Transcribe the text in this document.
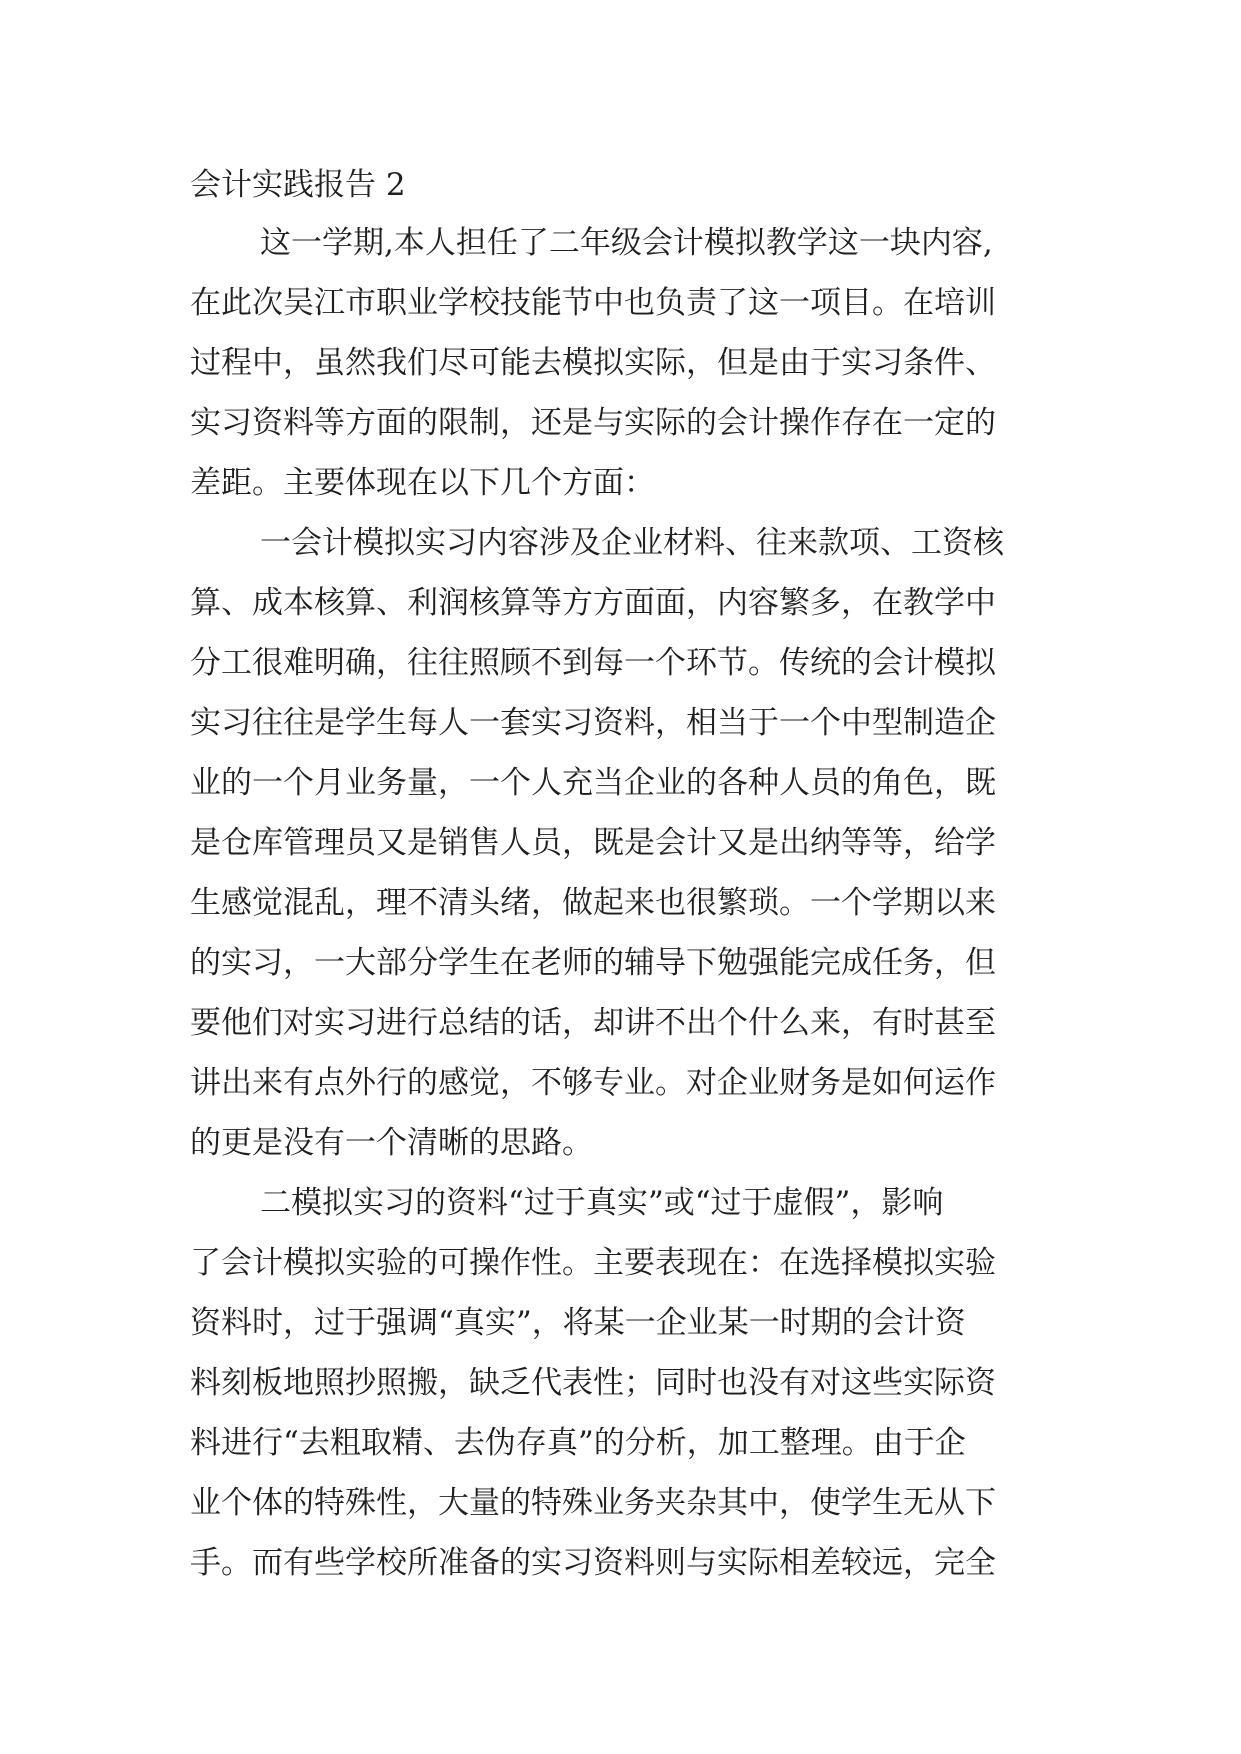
会计实践报告 2
这一学期,本人担任了二年级会计模拟教学这一块内容,
在此次吴江市职业学校技能节中也负责了这一项目。在培训
过程中，虽然我们尽可能去模拟实际，但是由于实习条件、
实习资料等方面的限制，还是与实际的会计操作存在一定的
差距。主要体现在以下几个方面：
一会计模拟实习内容涉及企业材料、往来款项、工资核
算、成本核算、利润核算等方方面面，内容繁多，在教学中
分工很难明确，往往照顾不到每一个环节。传统的会计模拟
实习往往是学生每人一套实习资料，相当于一个中型制造企
业的一个月业务量，一个人充当企业的各种人员的角色，既
是仓库管理员又是销售人员，既是会计又是出纳等等，给学
生感觉混乱，理不清头绪，做起来也很繁琐。一个学期以来
的实习，一大部分学生在老师的辅导下勉强能完成任务，但
要他们对实习进行总结的话，却讲不出个什么来，有时甚至
讲出来有点外行的感觉，不够专业。对企业财务是如何运作
的更是没有一个清晰的思路。
二模拟实习的资料“过于真实”或“过于虚假”，影响
了会计模拟实验的可操作性。主要表现在：在选择模拟实验
资料时，过于强调“真实”，将某一企业某一时期的会计资
料刻板地照抄照搬，缺乏代表性；同时也没有对这些实际资
料进行“去粗取精、去伪存真”的分析，加工整理。由于企
业个体的特殊性，大量的特殊业务夹杂其中，使学生无从下
手。而有些学校所准备的实习资料则与实际相差较远，完全
